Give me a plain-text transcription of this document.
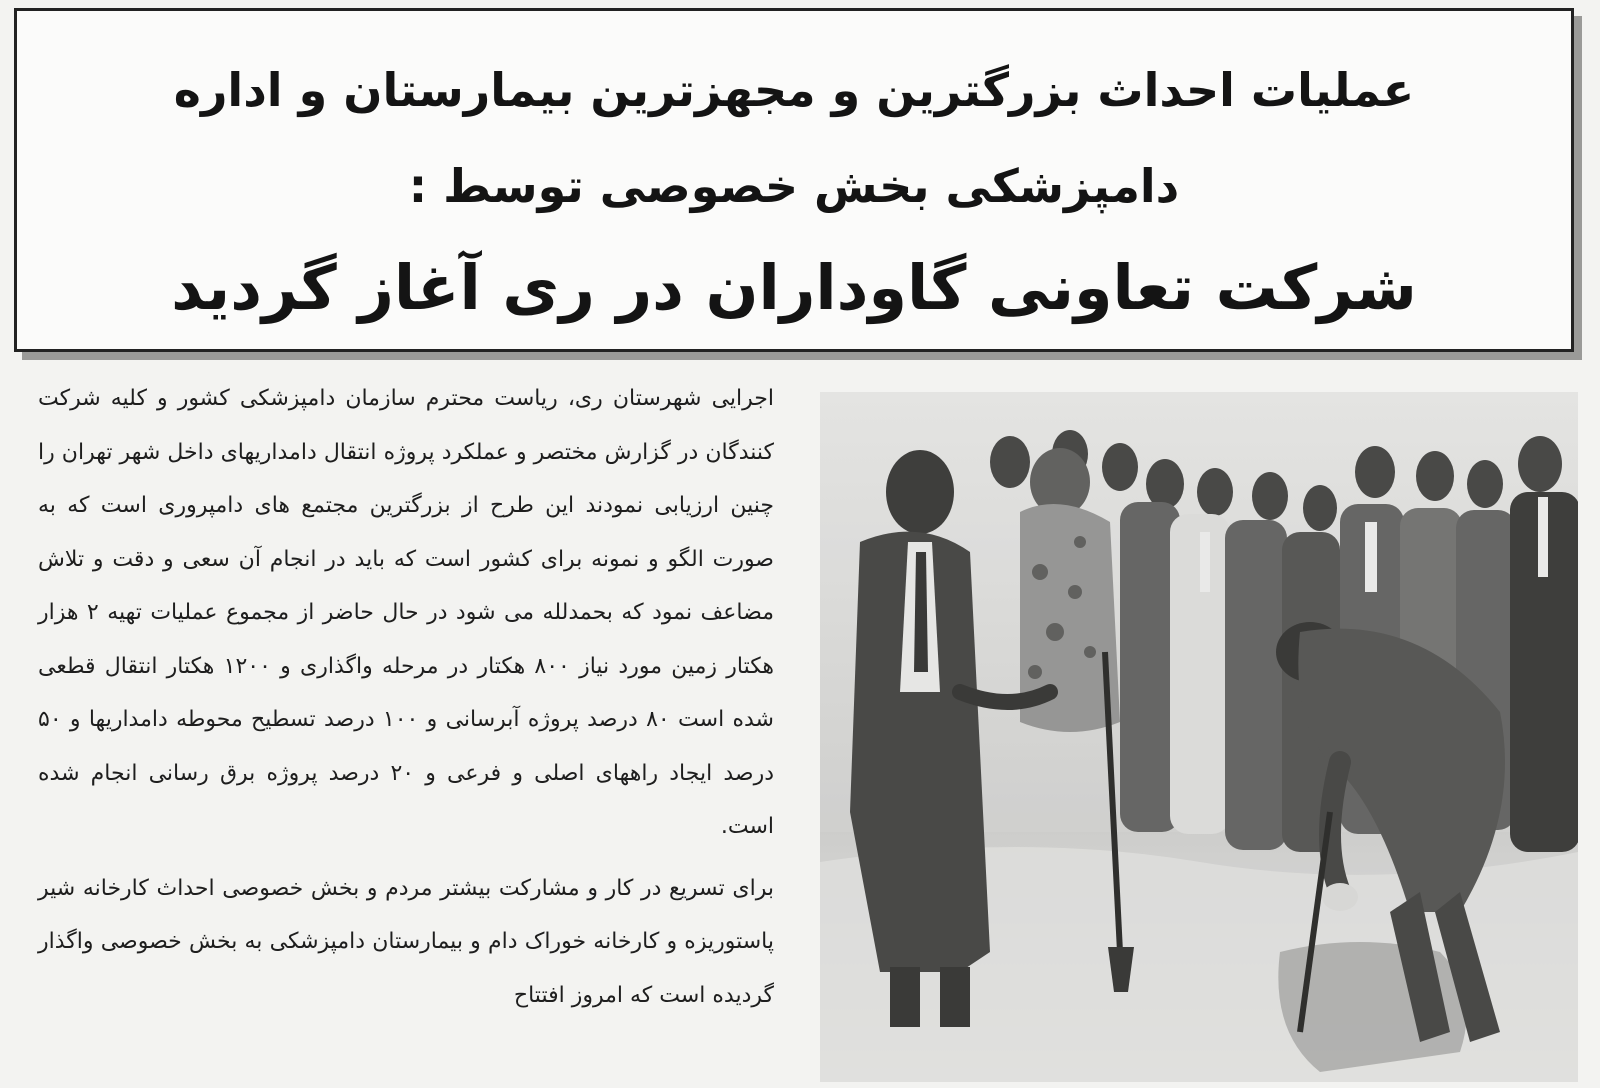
عملیات احداث بزرگترین و مجهزترین بیمارستان و اداره
دامپزشکی بخش خصوصی توسط :
شرکت تعاونی گاوداران در ری آغاز گردید

اجرایی شهرستان ری، ریاست محترم سازمان دامپزشکی کشور و کلیه شرکت کنندگان در گزارش مختصر و عملکرد پروژه انتقال دامداریهای داخل شهر تهران را چنین ارزیابی نمودند این طرح از بزرگترین مجتمع های دامپروری است که به صورت الگو و نمونه برای کشور است که باید در انجام آن سعی و دقت و تلاش مضاعف نمود که بحمدلله می شود در حال حاضر از مجموع عملیات تهیه ۲ هزار هکتار زمین مورد نیاز ۸۰۰ هکتار در مرحله واگذاری و ۱۲۰۰ هکتار انتقال قطعی شده است ۸۰ درصد پروژه آبرسانی و ۱۰۰ درصد تسطیح محوطه دامداریها و ۵۰ درصد ایجاد راههای اصلی و فرعی و ۲۰ درصد پروژه برق رسانی انجام شده است.

برای تسریع در کار و مشارکت بیشتر مردم و بخش خصوصی احداث کارخانه شیر پاستوریزه و کارخانه خوراک دام و بیمارستان دامپزشکی به بخش خصوصی واگذار گردیده است که امروز افتتاح
